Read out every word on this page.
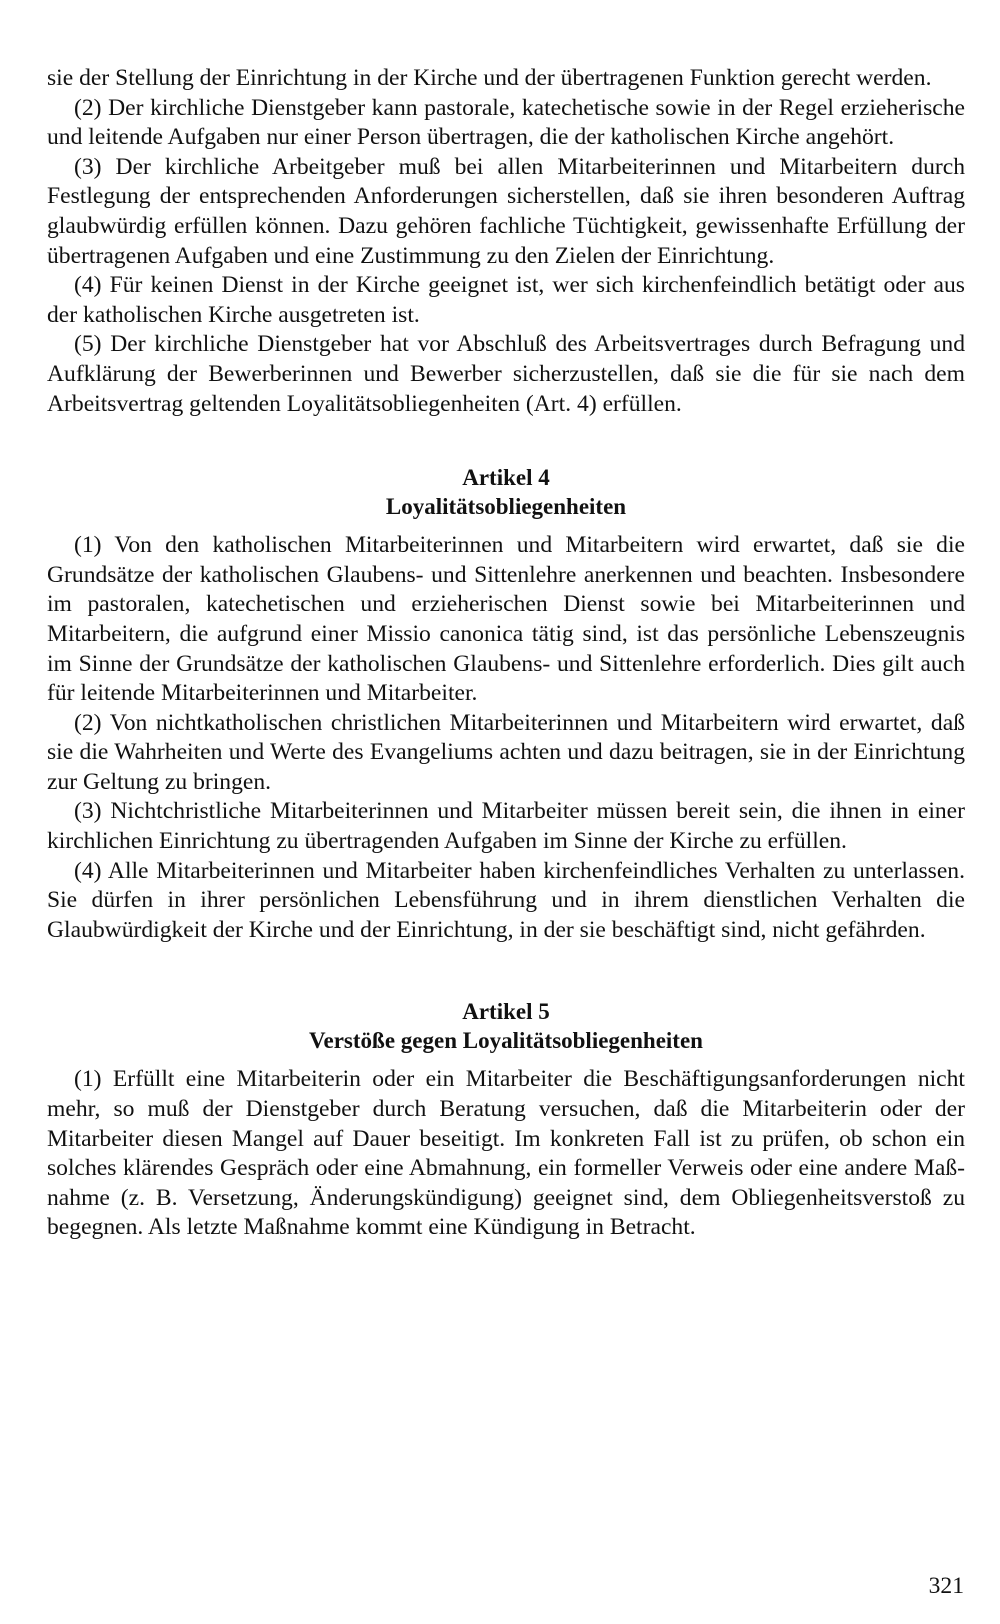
sie der Stellung der Einrichtung in der Kirche und der übertragenen Funktion gerecht werden.

(2) Der kirchliche Dienstgeber kann pastorale, katechetische sowie in der Regel erzieherische und leitende Aufgaben nur einer Person übertragen, die der katholischen Kirche angehört.

(3) Der kirchliche Arbeitgeber muß bei allen Mitarbeiterinnen und Mitarbeitern durch Festlegung der entsprechenden Anforderungen sicherstellen, daß sie ihren besonderen Auftrag glaubwürdig erfüllen können. Dazu gehören fachliche Tüchtigkeit, gewissenhafte Erfüllung der übertragenen Aufgaben und eine Zustimmung zu den Zielen der Einrichtung.

(4) Für keinen Dienst in der Kirche geeignet ist, wer sich kirchenfeindlich betätigt oder aus der katholischen Kirche ausgetreten ist.

(5) Der kirchliche Dienstgeber hat vor Abschluß des Arbeitsvertrages durch Befragung und Aufklärung der Bewerberinnen und Bewerber sicherzustellen, daß sie die für sie nach dem Arbeitsvertrag geltenden Loyalitätsobliegenheiten (Art. 4) erfüllen.

Artikel 4
Loyalitätsobliegenheiten

(1) Von den katholischen Mitarbeiterinnen und Mitarbeitern wird erwartet, daß sie die Grundsätze der katholischen Glaubens- und Sittenlehre anerkennen und beachten. Insbesondere im pastoralen, katechetischen und erzieherischen Dienst sowie bei Mitarbeiterinnen und Mitarbeitern, die aufgrund einer Missio canonica tätig sind, ist das persönliche Lebenszeugnis im Sinne der Grundsätze der katholischen Glaubens- und Sittenlehre erforderlich. Dies gilt auch für leitende Mitarbeiterinnen und Mitarbeiter.

(2) Von nichtkatholischen christlichen Mitarbeiterinnen und Mitarbeitern wird erwartet, daß sie die Wahrheiten und Werte des Evangeliums achten und dazu beitragen, sie in der Einrichtung zur Geltung zu bringen.

(3) Nichtchristliche Mitarbeiterinnen und Mitarbeiter müssen bereit sein, die ihnen in einer kirchlichen Einrichtung zu übertragenden Aufgaben im Sinne der Kirche zu erfüllen.

(4) Alle Mitarbeiterinnen und Mitarbeiter haben kirchenfeindliches Verhalten zu unterlassen. Sie dürfen in ihrer persönlichen Lebensführung und in ihrem dienstlichen Verhalten die Glaubwürdigkeit der Kirche und der Einrichtung, in der sie beschäftigt sind, nicht gefährden.

Artikel 5
Verstöße gegen Loyalitätsobliegenheiten

(1) Erfüllt eine Mitarbeiterin oder ein Mitarbeiter die Beschäftigungsanforderungen nicht mehr, so muß der Dienstgeber durch Beratung versuchen, daß die Mitarbeiterin oder der Mitarbeiter diesen Mangel auf Dauer beseitigt. Im konkreten Fall ist zu prüfen, ob schon ein solches klärendes Gespräch oder eine Abmahnung, ein formeller Verweis oder eine andere Maßnahme (z. B. Versetzung, Änderungskündigung) geeignet sind, dem Obliegenheitsverstoß zu begegnen. Als letzte Maßnahme kommt eine Kündigung in Betracht.

321
